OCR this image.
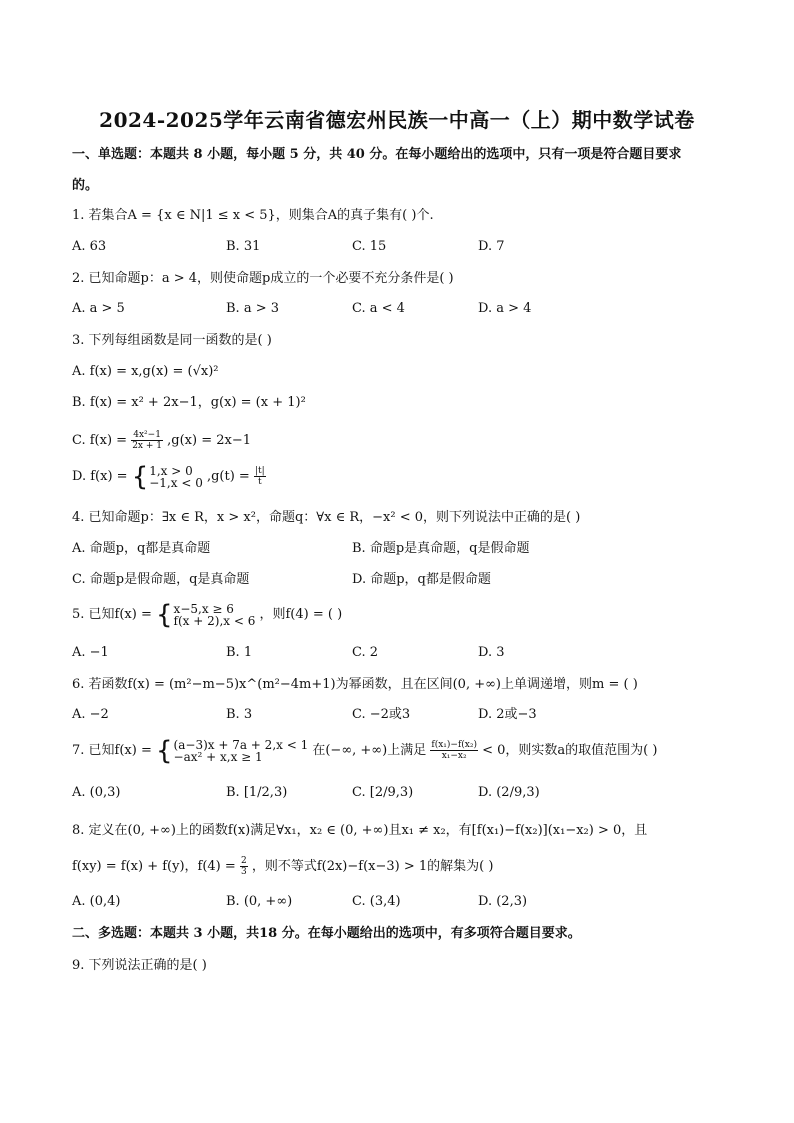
2024-2025学年云南省德宏州民族一中高一（上）期中数学试卷
一、单选题：本题共 8 小题，每小题 5 分，共 40 分。在每小题给出的选项中，只有一项是符合题目要求
的。
1. 若集合A = {x ∈ N|1 ≤ x < 5}，则集合A的真子集有( )个.
A. 63	B. 31	C. 15	D. 7
2. 已知命题p：a > 4，则使命题p成立的一个必要不充分条件是( )
A. a > 5	B. a > 3	C. a < 4	D. a > 4
3. 下列每组函数是同一函数的是( )
A. f(x) = x,g(x) = (√x)²
B. f(x) = x² + 2x−1，g(x) = (x + 1)²
C. $f(x) = \frac{\text{4x²−1}}{2x + 1} ,g(x) = 2x-1$
D. f(x) = { 1,x > 0
−1,x < 0 $,g(t) = \frac{|t|}{t}$
4. 已知命题p：∃x ∈ R，x > x²，命题q：∀x ∈ R，−x² < 0，则下列说法中正确的是( )
A. 命题p，q都是真命题	B. 命题p是真命题，q是假命题
C. 命题p是假命题，q是真命题	D. 命题p，q都是假命题
5. 已知f(x) = { x−5,x ≥ 6
f(x + 2),x < 6 ，则f(4) = ( )
A. −1	B. 1	C. 2	D. 3
6. 若函数f(x) = (m²−m−5)x^(m²−4m+1)为幂函数，且在区间(0, +∞)上单调递增，则m = ( )
A. −2	B. 3	C. −2或3	D. 2或−3
7. 已知f(x) = { (a−3)x + 7a + 2,x < 1
−ax² + x,x ≥ 1	在(−∞, +∞)上满足 $\frac{\text{f(x₁)−f(x₂)}}{\text{x₁−x₂}} < 0$，则实数a的取值范围为( )
A. (0,3)	B. [1/2,3)	C. [2/9,3)	D. (2/9,3)
8. 定义在(0, +∞)上的函数f(x)满足∀x₁，x₂ ∈ (0, +∞)且x₁ ≠ x₂，有[f(x₁)−f(x₂)](x₁−x₂) > 0，且
f(xy) = f(x) + f(y)，$f(4) = \frac{2}{3}$ ，则不等式f(2x)−f(x−3) > 1的解集为( )
A. (0,4)	B. (0, +∞)	C. (3,4)	D. (2,3)
二、多选题：本题共 3 小题，共18 分。在每小题给出的选项中，有多项符合题目要求。
9. 下列说法正确的是( )
